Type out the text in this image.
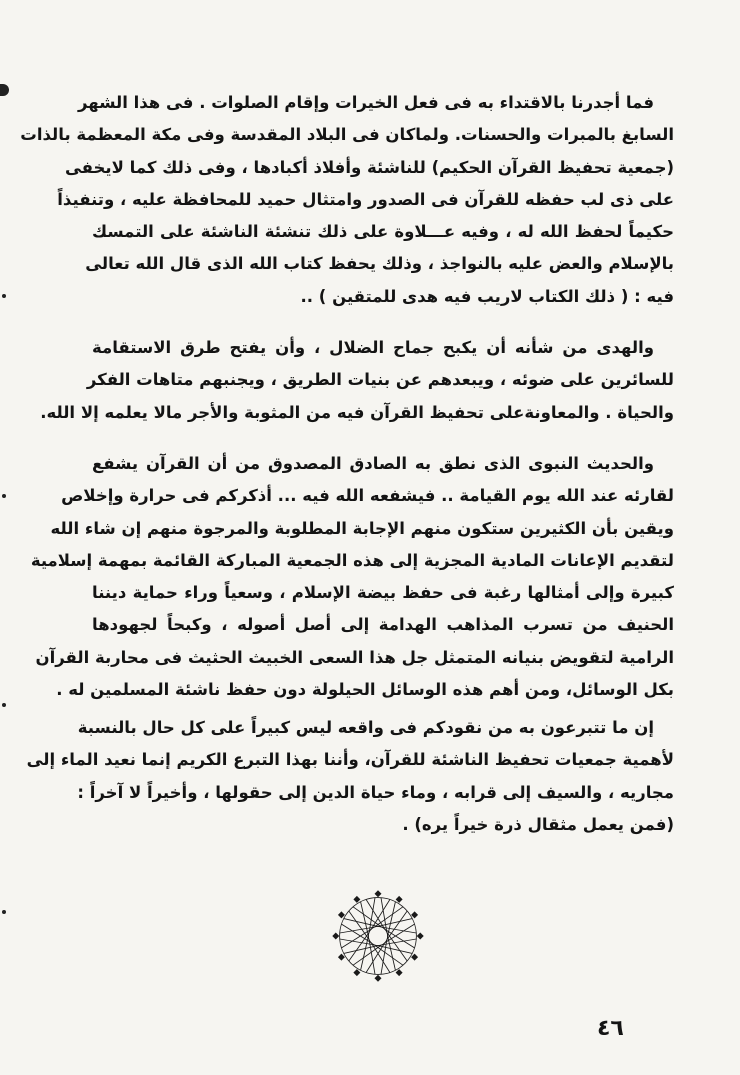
فما أجدرنا بالاقتداء به فى فعل الخيرات وإقام الصلوات . فى هذا الشهر
السابغ بالمبرات والحسنات. ولماكان فى البلاد المقدسة وفى مكة المعظمة بالذات
(جمعية تحفيظ القرآن الحكيم) للناشئة وأفلاذ أكبادها ، وفى ذلك كما لايخفى
على ذى لب حفظه للقرآن فى الصدور وامتثال حميد للمحافظة عليه ، وتنفيذاً
حكيماً لحفظ الله له ، وفيه عـــلاوة على ذلك تنشئة الناشئة على التمسك
بالإسلام والعض عليه بالنواجذ ، وذلك يحفظ كتاب الله الذى قال الله تعالى
فيه : ( ذلك الكتاب لاريب فيه هدى للمتقين ) ..
والهدى من شأنه أن يكبح جماح الضلال ، وأن يفتح طرق الاستقامة
للسائرين على ضوئه ، ويبعدهم عن بنيات الطريق ، ويجنبهم متاهات الفكر
والحياة . والمعاونةعلى تحفيظ القرآن فيه من المثوبة والأجر مالا يعلمه إلا الله.
والحديث النبوى الذى نطق به الصادق المصدوق من أن القرآن يشفع
لقارئه عند الله يوم القيامة .. فيشفعه الله فيه ... أذكركم فى حرارة وإخلاص
ويقين بأن الكثيرين ستكون منهم الإجابة المطلوبة والمرجوة منهم إن شاء الله
لتقديم الإعانات المادية المجزية إلى هذه الجمعية المباركة القائمة بمهمة إسلامية
كبيرة وإلى أمثالها رغبة فى حفظ بيضة الإسلام ، وسعياً وراء حماية ديننا
الحنيف من تسرب المذاهب الهدامة إلى أصل أصوله ، وكبحاً لجهودها
الرامية لتقويض بنيانه المتمثل جل هذا السعى الخبيث الحثيث فى محاربة القرآن
بكل الوسائل، ومن أهم هذه الوسائل الحيلولة دون حفظ ناشئة المسلمين له .
إن ما تتبرعون به من نقودكم فى واقعه ليس كبيراً على كل حال بالنسبة
لأهمية جمعيات تحفيظ الناشئة للقرآن، وأننا بهذا التبرع الكريم إنما نعيد الماء إلى
مجاريه ، والسيف إلى قرابه ، وماء حياة الدين إلى حقولها ، وأخيراً لا آخراً :
(فمن يعمل مثقال ذرة خيراً يره) .
٤٦
